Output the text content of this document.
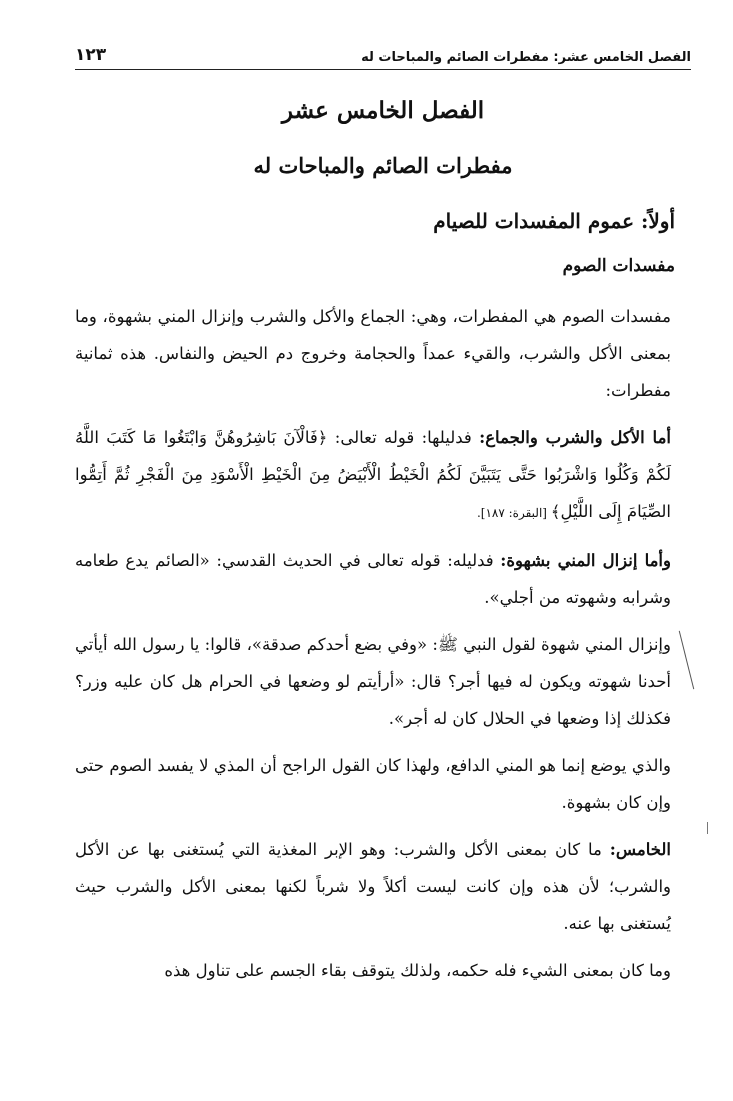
الفصل الخامس عشر: مفطرات الصائم والمباحات له
١٢٣
الفصل الخامس عشر
مفطرات الصائم والمباحات له
أولاً: عموم المفسدات للصيام
مفسدات الصوم

مفسدات الصوم هي المفطرات، وهي: الجماع والأكل والشرب وإنزال المني بشهوة، وما بمعنى الأكل والشرب، والقيء عمداً والحجامة وخروج دم الحيض والنفاس. هذه ثمانية مفطرات:

أما الأكل والشرب والجماع: فدليلها: قوله تعالى: ﴿فَالْآنَ بَاشِرُوهُنَّ وَابْتَغُوا مَا كَتَبَ اللَّهُ لَكُمْ وَكُلُوا وَاشْرَبُوا حَتَّى يَتَبَيَّنَ لَكُمُ الْخَيْطُ الْأَبْيَضُ مِنَ الْخَيْطِ الْأَسْوَدِ مِنَ الْفَجْرِ ثُمَّ أَتِمُّوا الصِّيَامَ إِلَى اللَّيْلِ﴾ [البقرة: ١٨٧].

وأما إنزال المني بشهوة: فدليله: قوله تعالى في الحديث القدسي: «الصائم يدع طعامه وشرابه وشهوته من أجلي».

وإنزال المني شهوة لقول النبي ﷺ: «وفي بضع أحدكم صدقة»، قالوا: يا رسول الله أيأتي أحدنا شهوته ويكون له فيها أجر؟ قال: «أرأيتم لو وضعها في الحرام هل كان عليه وزر؟ فكذلك إذا وضعها في الحلال كان له أجر».

والذي يوضع إنما هو المني الدافع، ولهذا كان القول الراجح أن المذي لا يفسد الصوم حتى وإن كان بشهوة.

الخامس: ما كان بمعنى الأكل والشرب: وهو الإبر المغذية التي يُستغنى بها عن الأكل والشرب؛ لأن هذه وإن كانت ليست أكلاً ولا شرباً لكنها بمعنى الأكل والشرب حيث يُستغنى بها عنه.

وما كان بمعنى الشيء فله حكمه، ولذلك يتوقف بقاء الجسم على تناول هذه
